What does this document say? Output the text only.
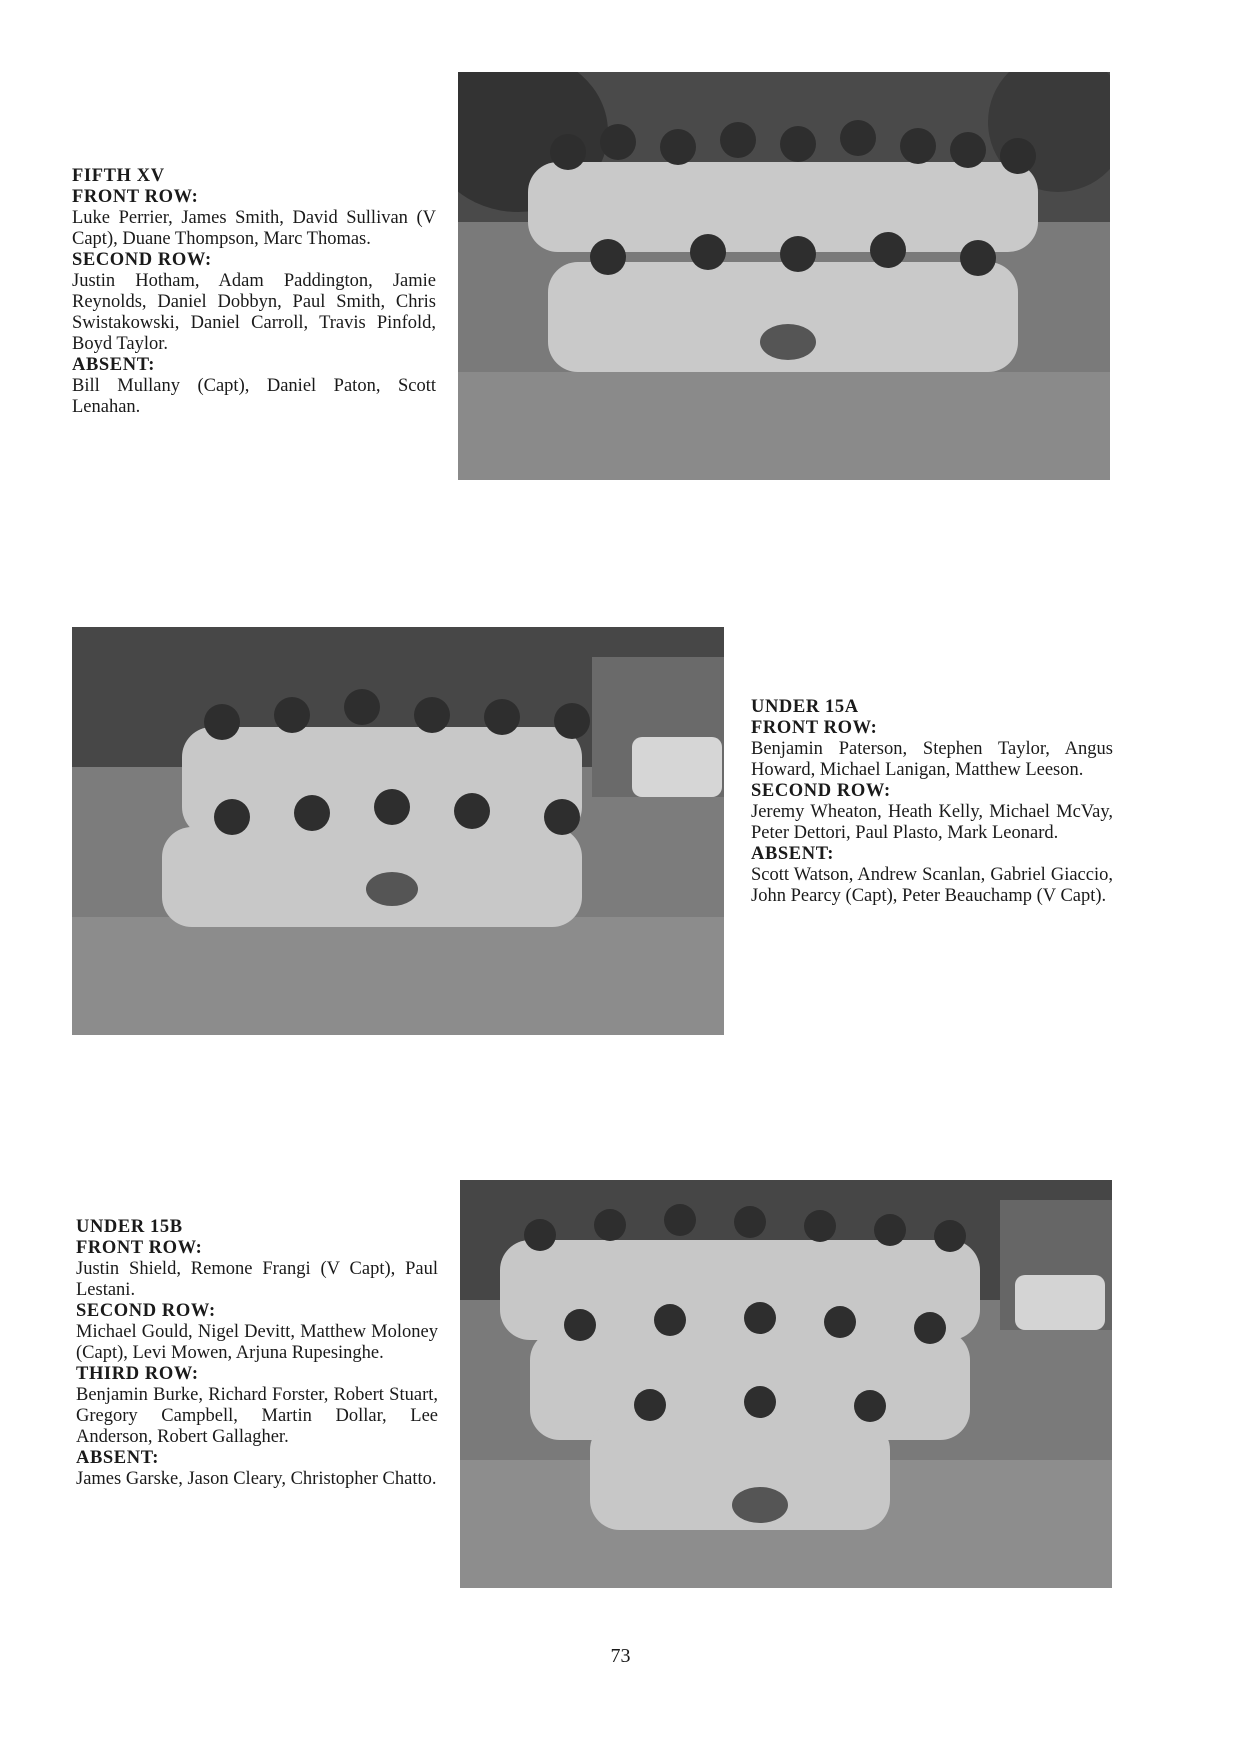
FIFTH XV
FRONT ROW:
Luke Perrier, James Smith, David Sullivan (V Capt), Duane Thompson, Marc Thomas.
SECOND ROW:
Justin Hotham, Adam Paddington, Jamie Reynolds, Daniel Dobbyn, Paul Smith, Chris Swistakowski, Daniel Carroll, Travis Pinfold, Boyd Taylor.
ABSENT:
Bill Mullany (Capt), Daniel Paton, Scott Lenahan.
UNDER 15A
FRONT ROW:
Benjamin Paterson, Stephen Taylor, Angus Howard, Michael Lanigan, Matthew Leeson.
SECOND ROW:
Jeremy Wheaton, Heath Kelly, Michael McVay, Peter Dettori, Paul Plasto, Mark Leonard.
ABSENT:
Scott Watson, Andrew Scanlan, Gabriel Giaccio, John Pearcy (Capt), Peter Beauchamp (V Capt).
UNDER 15B
FRONT ROW:
Justin Shield, Remone Frangi (V Capt), Paul Lestani.
SECOND ROW:
Michael Gould, Nigel Devitt, Matthew Moloney (Capt), Levi Mowen, Arjuna Rupesinghe.
THIRD ROW:
Benjamin Burke, Richard Forster, Robert Stuart, Gregory Campbell, Martin Dollar, Lee Anderson, Robert Gallagher.
ABSENT:
James Garske, Jason Cleary, Christopher Chatto.
73
